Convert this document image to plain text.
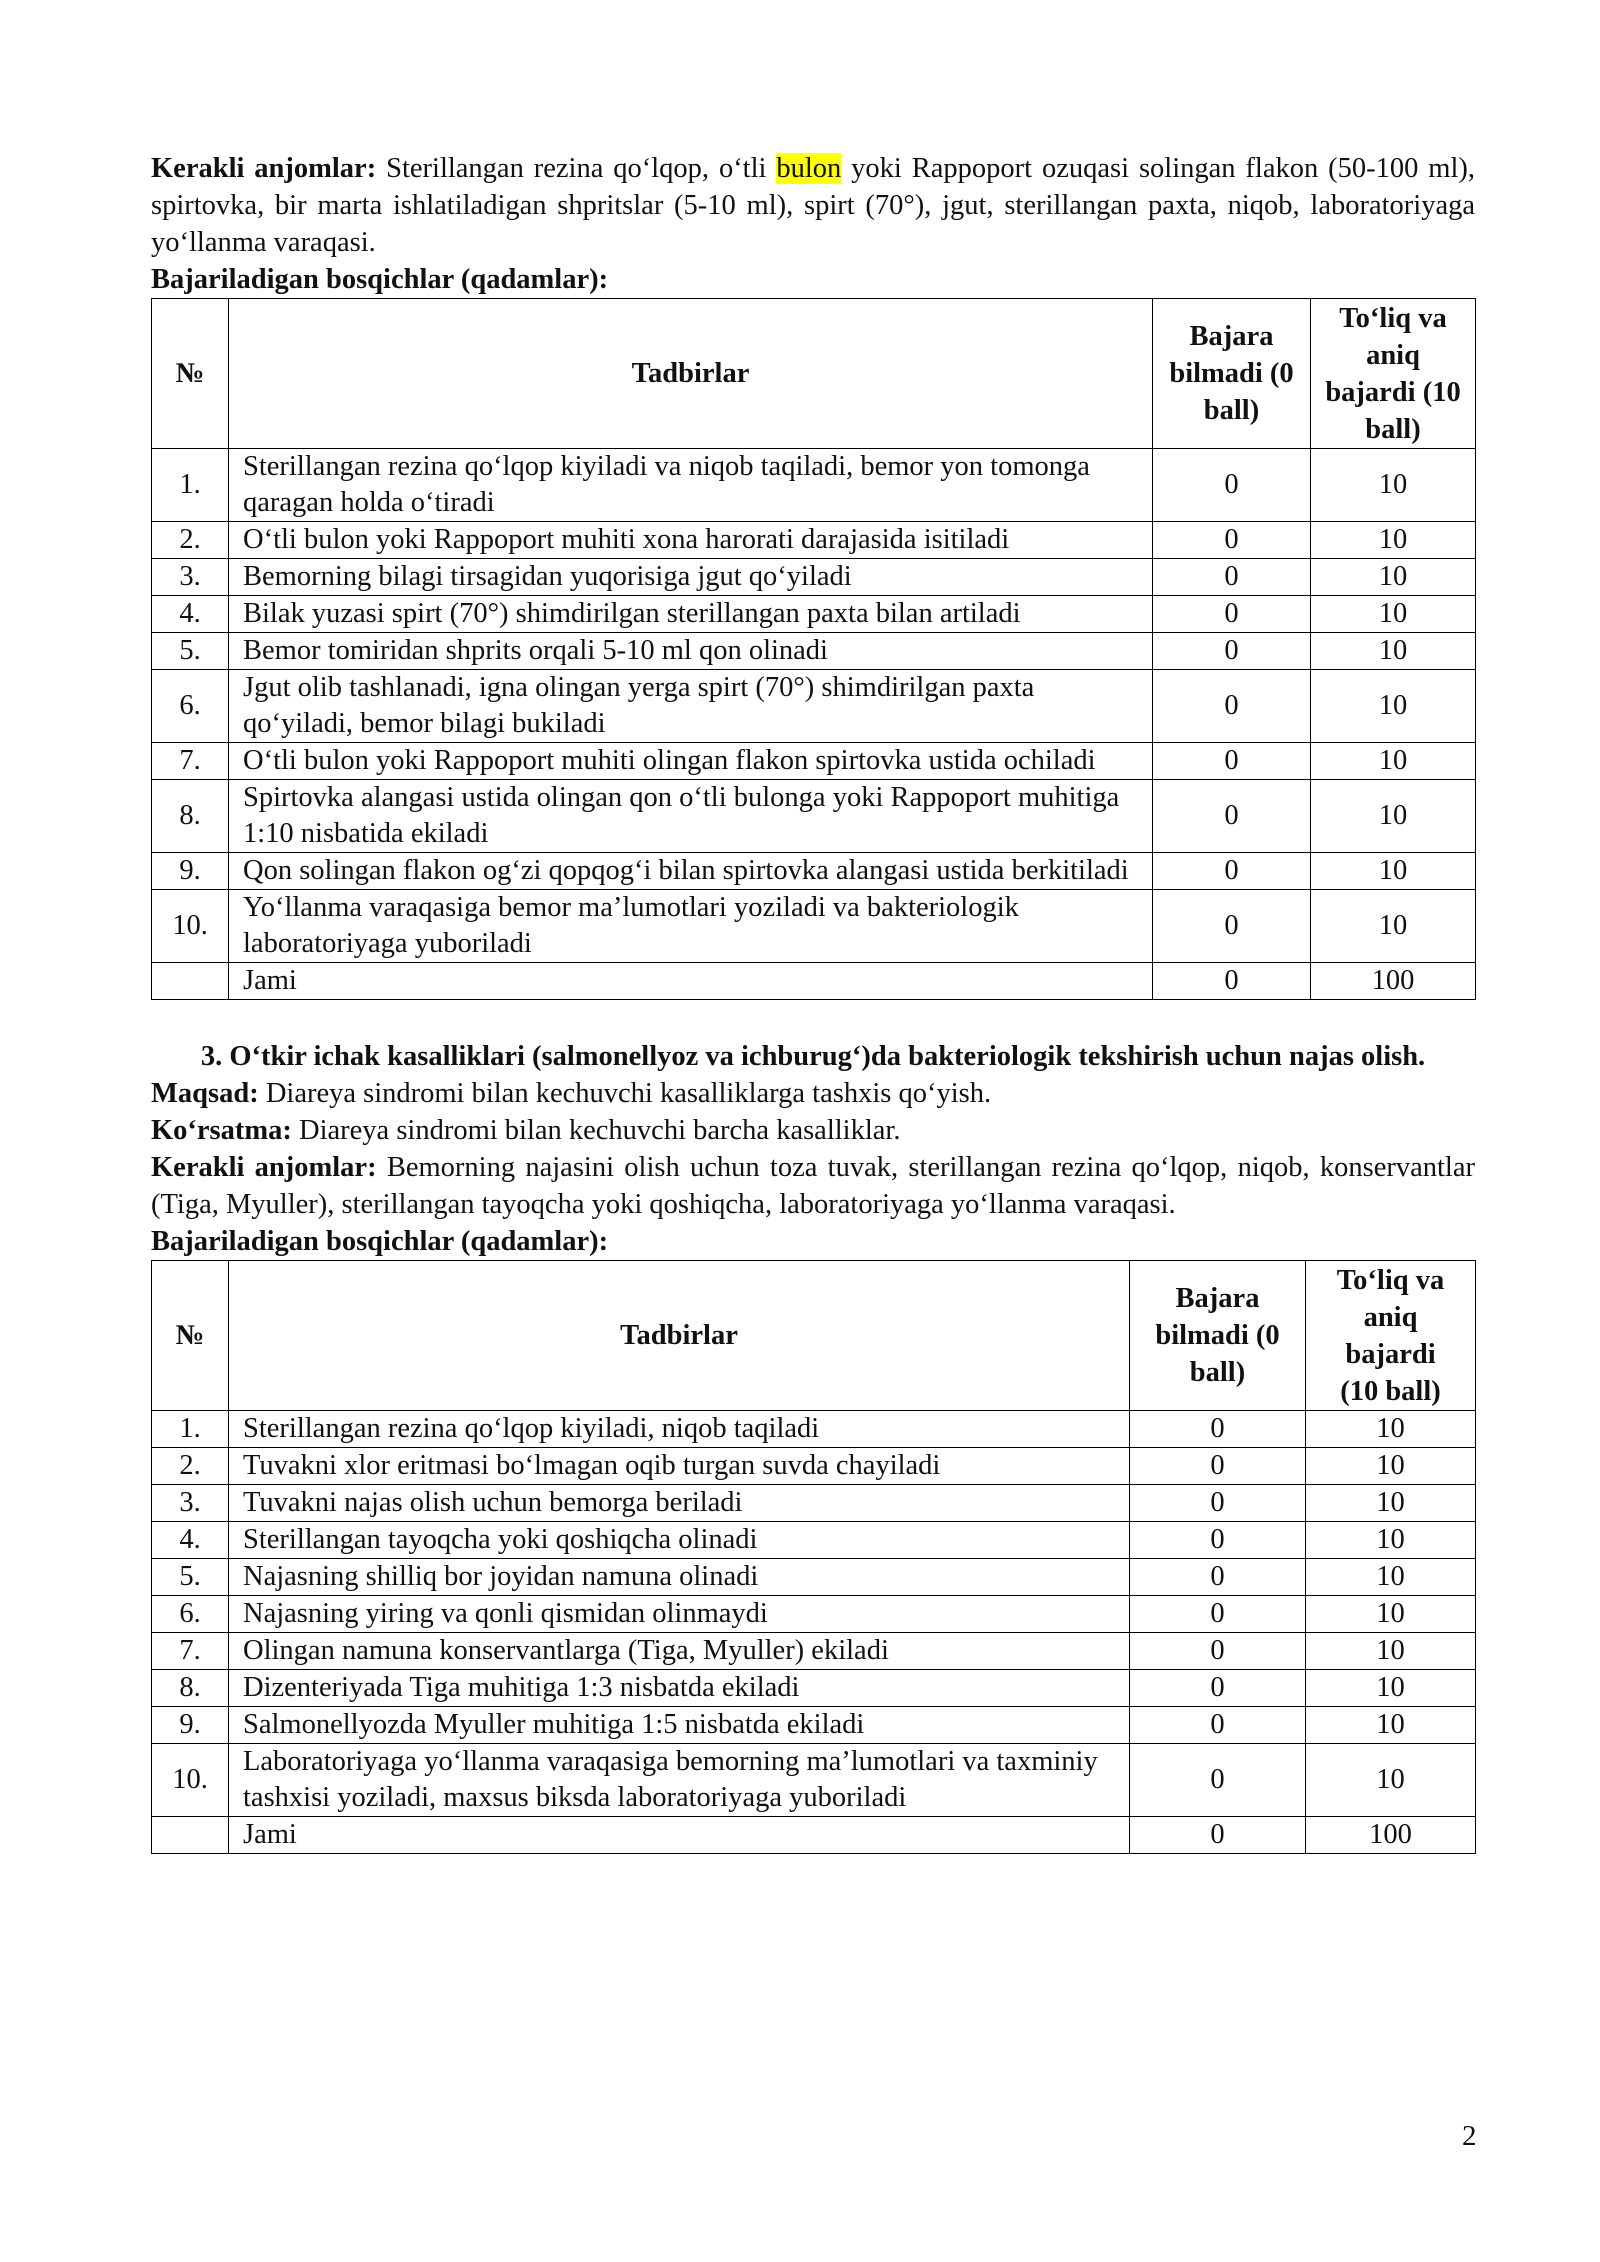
Kerakli anjomlar: Sterillangan rezina qo‘lqop, o‘tli bulon yoki Rappoport ozuqasi solingan flakon (50-100 ml), spirtovka, bir marta ishlatiladigan shpritslar (5-10 ml), spirt (70°), jgut, sterillangan paxta, niqob, laboratoriyaga yo‘llanma varaqasi.

Bajariladigan bosqichlar (qadamlar):

№	Tadbirlar	Bajara bilmadi (0 ball)	To‘liq va aniq bajardi (10 ball)
1.	Sterillangan rezina qo‘lqop kiyiladi va niqob taqiladi, bemor yon tomonga qaragan holda o‘tiradi	0	10
2.	O‘tli bulon yoki Rappoport muhiti xona harorati darajasida isitiladi	0	10
3.	Bemorning bilagi tirsagidan yuqorisiga jgut qo‘yiladi	0	10
4.	Bilak yuzasi spirt (70°) shimdirilgan sterillangan paxta bilan artiladi	0	10
5.	Bemor tomiridan shprits orqali 5-10 ml qon olinadi	0	10
6.	Jgut olib tashlanadi, igna olingan yerga spirt (70°) shimdirilgan paxta qo‘yiladi, bemor bilagi bukiladi	0	10
7.	O‘tli bulon yoki Rappoport muhiti olingan flakon spirtovka ustida ochiladi	0	10
8.	Spirtovka alangasi ustida olingan qon o‘tli bulonga yoki Rappoport muhitiga 1:10 nisbatida ekiladi	0	10
9.	Qon solingan flakon og‘zi qopqog‘i bilan spirtovka alangasi ustida berkitiladi	0	10
10.	Yo‘llanma varaqasiga bemor ma’lumotlari yoziladi va bakteriologik laboratoriyaga yuboriladi	0	10
	Jami	0	100

3. O‘tkir ichak kasalliklari (salmonellyoz va ichburug‘)da bakteriologik tekshirish uchun najas olish.

Maqsad: Diareya sindromi bilan kechuvchi kasalliklarga tashxis qo‘yish.

Ko‘rsatma: Diareya sindromi bilan kechuvchi barcha kasalliklar.

Kerakli anjomlar: Bemorning najasini olish uchun toza tuvak, sterillangan rezina qo‘lqop, niqob, konservantlar (Tiga, Myuller), sterillangan tayoqcha yoki qoshiqcha, laboratoriyaga yo‘llanma varaqasi.

Bajariladigan bosqichlar (qadamlar):

№	Tadbirlar	Bajara bilmadi (0 ball)	To‘liq va aniq bajardi (10 ball)
1.	Sterillangan rezina qo‘lqop kiyiladi, niqob taqiladi	0	10
2.	Tuvakni xlor eritmasi bo‘lmagan oqib turgan suvda chayiladi	0	10
3.	Tuvakni najas olish uchun bemorga beriladi	0	10
4.	Sterillangan tayoqcha yoki qoshiqcha olinadi	0	10
5.	Najasning shilliq bor joyidan namuna olinadi	0	10
6.	Najasning yiring va qonli qismidan olinmaydi	0	10
7.	Olingan namuna konservantlarga (Tiga, Myuller) ekiladi	0	10
8.	Dizenteriyada Tiga muhitiga 1:3 nisbatda ekiladi	0	10
9.	Salmonellyozda Myuller muhitiga 1:5 nisbatda ekiladi	0	10
10.	Laboratoriyaga yo‘llanma varaqasiga bemorning ma’lumotlari va taxminiy tashxisi yoziladi, maxsus biksda laboratoriyaga yuboriladi	0	10
	Jami	0	100
2
